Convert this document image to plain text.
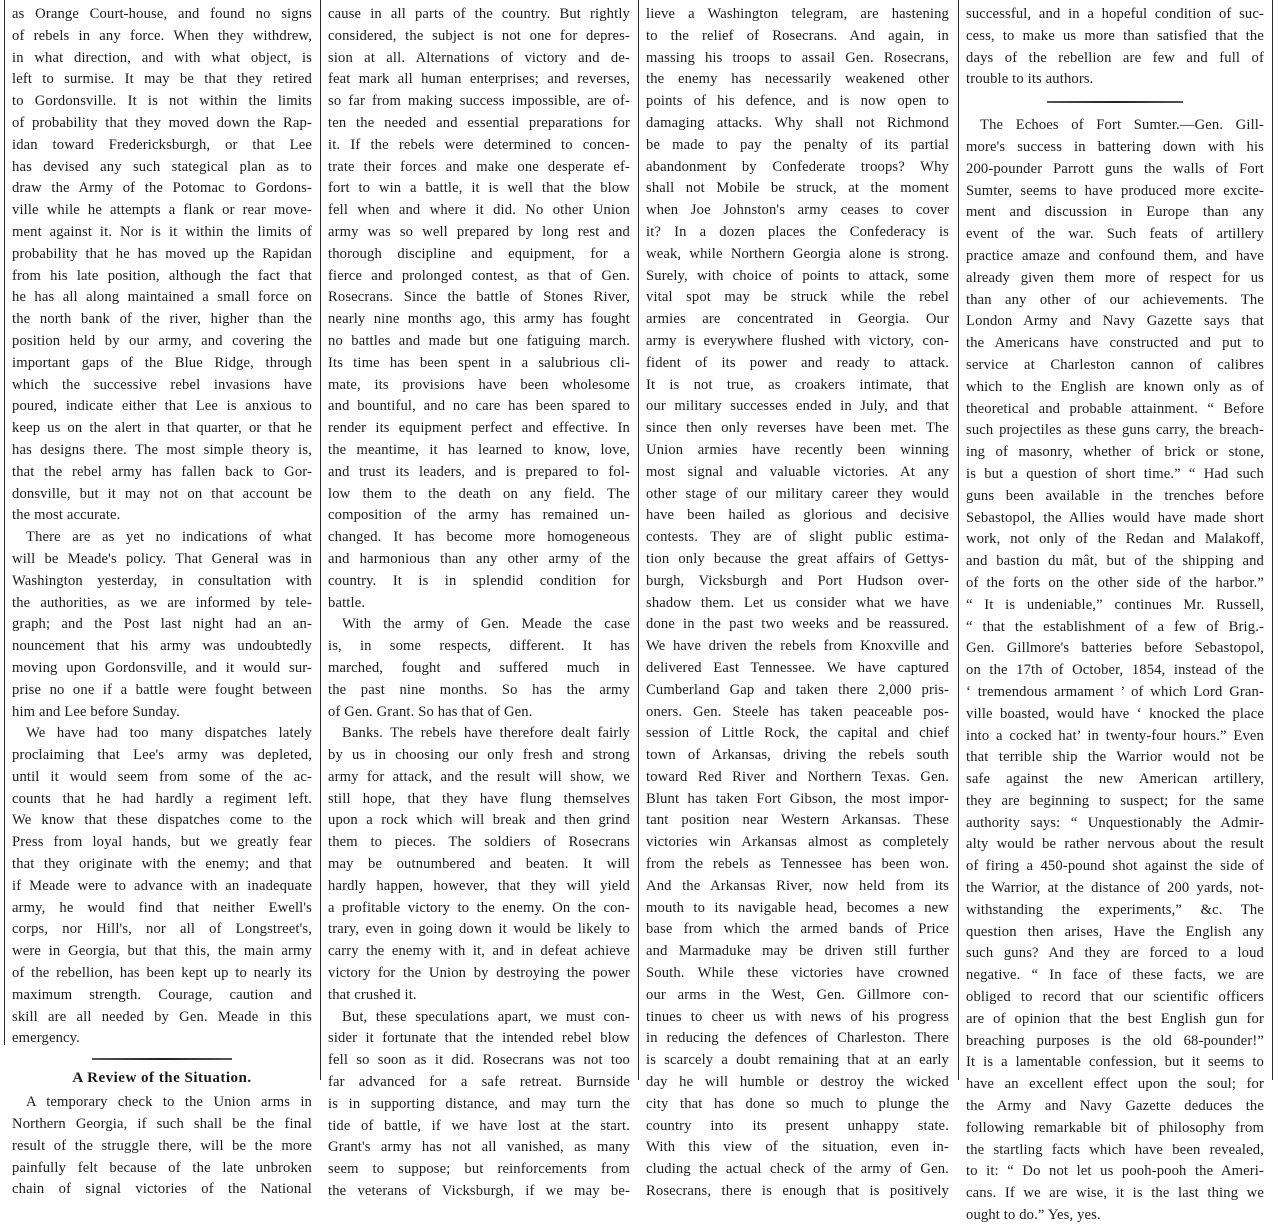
as Orange Court-house, and found no signs
of rebels in any force. When they withdrew,
in what direction, and with what object, is
left to surmise. It may be that they retired
to Gordonsville. It is not within the limits
of probability that they moved down the Rap-
idan toward Fredericksburgh, or that Lee
has devised any such stategical plan as to
draw the Army of the Potomac to Gordons-
ville while he attempts a flank or rear move-
ment against it. Nor is it within the limits of
probability that he has moved up the Rapidan
from his late position, although the fact that
he has all along maintained a small force on
the north bank of the river, higher than the
position held by our army, and covering the
important gaps of the Blue Ridge, through
which the successive rebel invasions have
poured, indicate either that Lee is anxious to
keep us on the alert in that quarter, or that he
has designs there. The most simple theory is,
that the rebel army has fallen back to Gor-
donsville, but it may not on that account be
the most accurate.
There are as yet no indications of what
will be Meade's policy. That General was in
Washington yesterday, in consultation with
the authorities, as we are informed by tele-
graph; and the Post last night had an an-
nouncement that his army was undoubtedly
moving upon Gordonsville, and it would sur-
prise no one if a battle were fought between
him and Lee before Sunday.
We have had too many dispatches lately
proclaiming that Lee's army was depleted,
until it would seem from some of the ac-
counts that he had hardly a regiment left.
We know that these dispatches come to the
Press from loyal hands, but we greatly fear
that they originate with the enemy; and that
if Meade were to advance with an inadequate
army, he would find that neither Ewell's
corps, nor Hill's, nor all of Longstreet's,
were in Georgia, but that this, the main army
of the rebellion, has been kept up to nearly its
maximum strength. Courage, caution and
skill are all needed by Gen. Meade in this
emergency.
A Review of the Situation.
A temporary check to the Union arms in
Northern Georgia, if such shall be the final
result of the struggle there, will be the more
painfully felt because of the late unbroken
chain of signal victories of the National
cause in all parts of the country. But rightly
considered, the subject is not one for depres-
sion at all. Alternations of victory and de-
feat mark all human enterprises; and reverses,
so far from making success impossible, are of-
ten the needed and essential preparations for
it. If the rebels were determined to concen-
trate their forces and make one desperate ef-
fort to win a battle, it is well that the blow
fell when and where it did. No other Union
army was so well prepared by long rest and
thorough discipline and equipment, for a
fierce and prolonged contest, as that of Gen.
Rosecrans. Since the battle of Stones River,
nearly nine months ago, this army has fought
no battles and made but one fatiguing march.
Its time has been spent in a salubrious cli-
mate, its provisions have been wholesome
and bountiful, and no care has been spared to
render its equipment perfect and effective. In
the meantime, it has learned to know, love,
and trust its leaders, and is prepared to fol-
low them to the death on any field. The
composition of the army has remained un-
changed. It has become more homogeneous
and harmonious than any other army of the
country. It is in splendid condition for
battle.
With the army of Gen. Meade the case
is, in some respects, different. It has
marched, fought and suffered much in
the past nine months. So has the army
of Gen. Grant. So has that of Gen.
Banks. The rebels have therefore dealt fairly
by us in choosing our only fresh and strong
army for attack, and the result will show, we
still hope, that they have flung themselves
upon a rock which will break and then grind
them to pieces. The soldiers of Rosecrans
may be outnumbered and beaten. It will
hardly happen, however, that they will yield
a profitable victory to the enemy. On the con-
trary, even in going down it would be likely to
carry the enemy with it, and in defeat achieve
victory for the Union by destroying the power
that crushed it.
But, these speculations apart, we must con-
sider it fortunate that the intended rebel blow
fell so soon as it did. Rosecrans was not too
far advanced for a safe retreat. Burnside
is in supporting distance, and may turn the
tide of battle, if we have lost at the start.
Grant's army has not all vanished, as many
seem to suppose; but reinforcements from
the veterans of Vicksburgh, if we may be-
lieve a Washington telegram, are hastening
to the relief of Rosecrans. And again, in
massing his troops to assail Gen. Rosecrans,
the enemy has necessarily weakened other
points of his defence, and is now open to
damaging attacks. Why shall not Richmond
be made to pay the penalty of its partial
abandonment by Confederate troops? Why
shall not Mobile be struck, at the moment
when Joe Johnston's army ceases to cover
it? In a dozen places the Confederacy is
weak, while Northern Georgia alone is strong.
Surely, with choice of points to attack, some
vital spot may be struck while the rebel
armies are concentrated in Georgia. Our
army is everywhere flushed with victory, con-
fident of its power and ready to attack.
It is not true, as croakers intimate, that
our military successes ended in July, and that
since then only reverses have been met. The
Union armies have recently been winning
most signal and valuable victories. At any
other stage of our military career they would
have been hailed as glorious and decisive
contests. They are of slight public estima-
tion only because the great affairs of Gettys-
burgh, Vicksburgh and Port Hudson over-
shadow them. Let us consider what we have
done in the past two weeks and be reassured.
We have driven the rebels from Knoxville and
delivered East Tennessee. We have captured
Cumberland Gap and taken there 2,000 pris-
oners. Gen. Steele has taken peaceable pos-
session of Little Rock, the capital and chief
town of Arkansas, driving the rebels south
toward Red River and Northern Texas. Gen.
Blunt has taken Fort Gibson, the most impor-
tant position near Western Arkansas. These
victories win Arkansas almost as completely
from the rebels as Tennessee has been won.
And the Arkansas River, now held from its
mouth to its navigable head, becomes a new
base from which the armed bands of Price
and Marmaduke may be driven still further
South. While these victories have crowned
our arms in the West, Gen. Gillmore con-
tinues to cheer us with news of his progress
in reducing the defences of Charleston. There
is scarcely a doubt remaining that at an early
day he will humble or destroy the wicked
city that has done so much to plunge the
country into its present unhappy state.
With this view of the situation, even in-
cluding the actual check of the army of Gen.
Rosecrans, there is enough that is positively
successful, and in a hopeful condition of suc-
cess, to make us more than satisfied that the
days of the rebellion are few and full of
trouble to its authors.
The Echoes of Fort Sumter.—Gen. Gill-
more's success in battering down with his
200-pounder Parrott guns the walls of Fort
Sumter, seems to have produced more excite-
ment and discussion in Europe than any
event of the war. Such feats of artillery
practice amaze and confound them, and have
already given them more of respect for us
than any other of our achievements. The
London Army and Navy Gazette says that
the Americans have constructed and put to
service at Charleston cannon of calibres
which to the English are known only as of
theoretical and probable attainment. “ Before
such projectiles as these guns carry, the breach-
ing of masonry, whether of brick or stone,
is but a question of short time.” “ Had such
guns been available in the trenches before
Sebastopol, the Allies would have made short
work, not only of the Redan and Malakoff,
and bastion du mât, but of the shipping and
of the forts on the other side of the harbor.”
“ It is undeniable,” continues Mr. Russell,
“ that the establishment of a few of Brig.-
Gen. Gillmore's batteries before Sebastopol,
on the 17th of October, 1854, instead of the
‘ tremendous armament ’ of which Lord Gran-
ville boasted, would have ‘ knocked the place
into a cocked hat’ in twenty-four hours.” Even
that terrible ship the Warrior would not be
safe against the new American artillery,
they are beginning to suspect; for the same
authority says: “ Unquestionably the Admir-
alty would be rather nervous about the result
of firing a 450-pound shot against the side of
the Warrior, at the distance of 200 yards, not-
withstanding the experiments,” &c. The
question then arises, Have the English any
such guns? And they are forced to a loud
negative. “ In face of these facts, we are
obliged to record that our scientific officers
are of opinion that the best English gun for
breaching purposes is the old 68-pounder!”
It is a lamentable confession, but it seems to
have an excellent effect upon the soul; for
the Army and Navy Gazette deduces the
following remarkable bit of philosophy from
the startling facts which have been revealed,
to it: “ Do not let us pooh-pooh the Ameri-
cans. If we are wise, it is the last thing we
ought to do.” Yes, yes.
